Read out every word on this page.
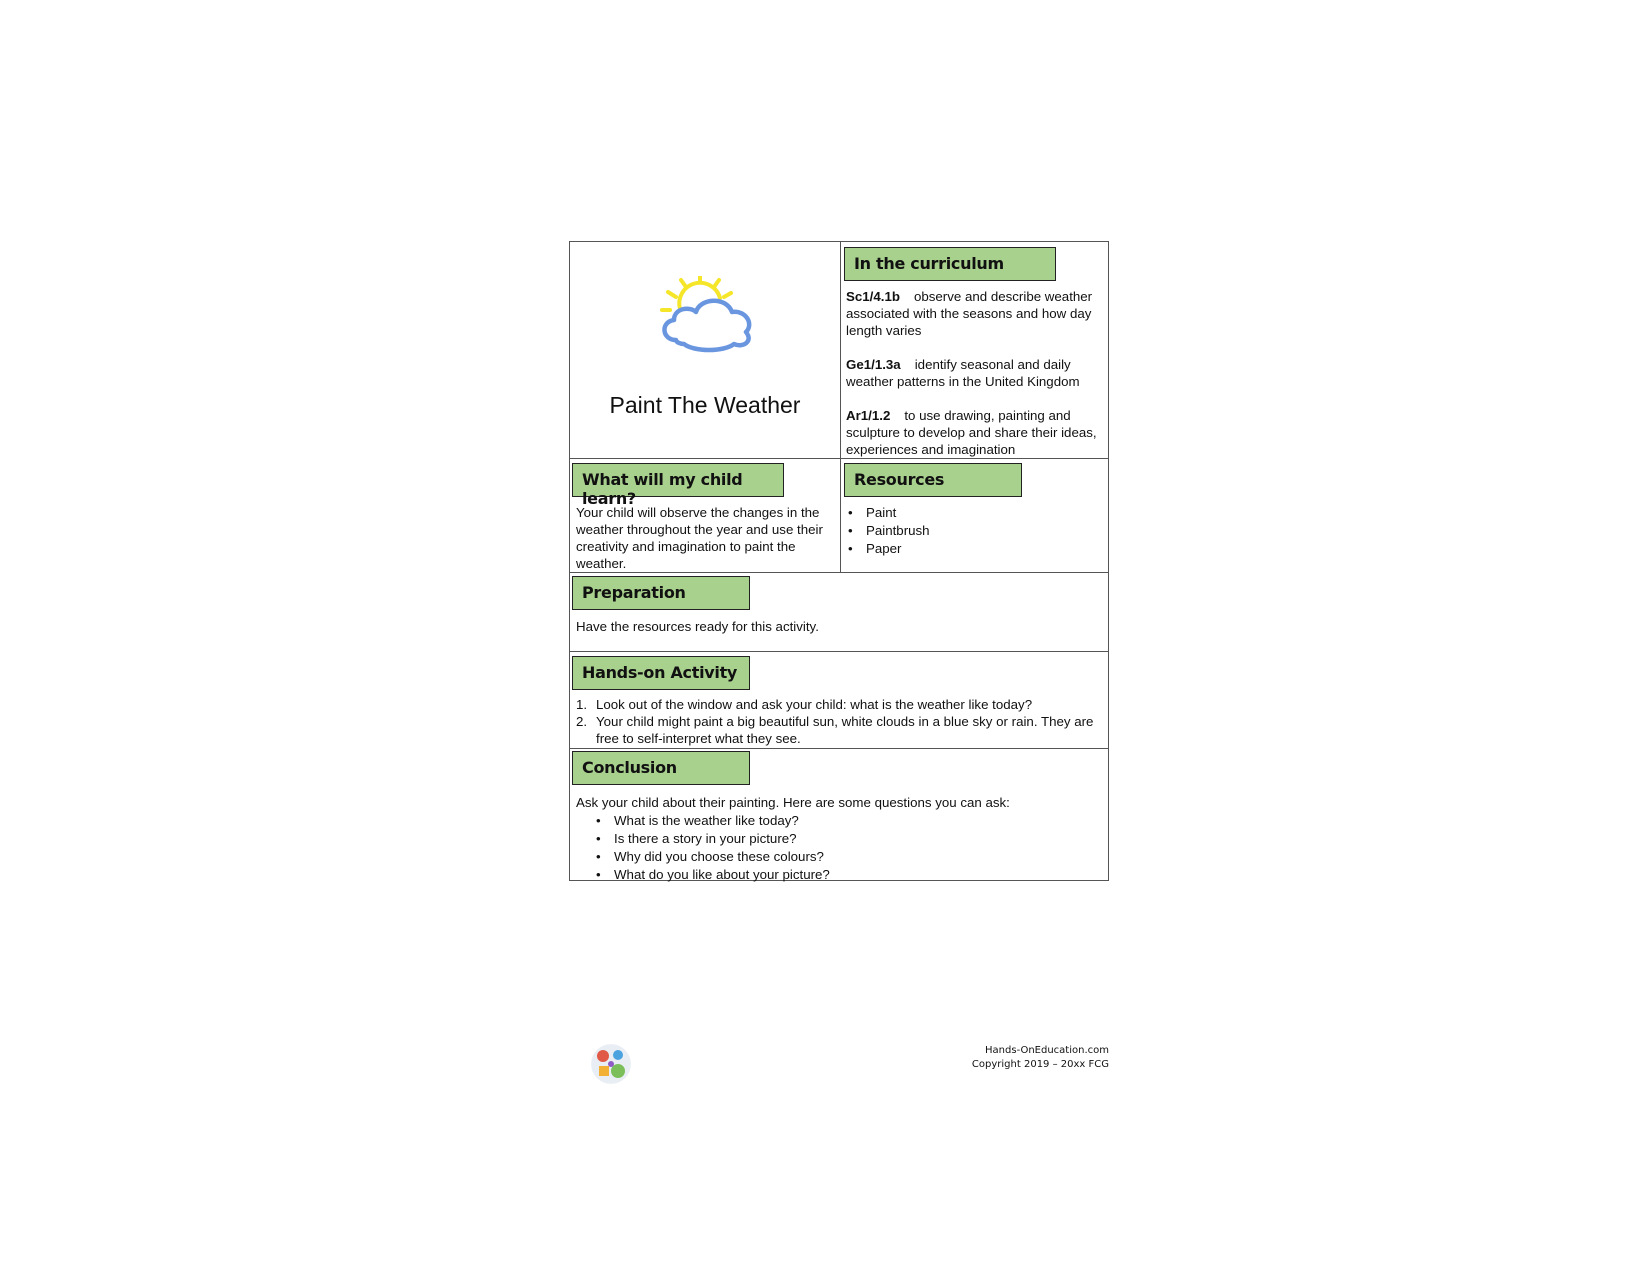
Paint The Weather
In the curriculum
Sc1/4.1b observe and describe weather associated with the seasons and how day length varies
Ge1/1.3a identify seasonal and daily weather patterns in the United Kingdom
Ar1/1.2 to use drawing, painting and sculpture to develop and share their ideas, experiences and imagination
What will my child learn?
Your child will observe the changes in the weather throughout the year and use their creativity and imagination to paint the weather.
Resources
• Paint
• Paintbrush
• Paper
Preparation
Have the resources ready for this activity.
Hands-on Activity
1. Look out of the window and ask your child: what is the weather like today?
2. Your child might paint a big beautiful sun, white clouds in a blue sky or rain. They are free to self-interpret what they see.
Conclusion
Ask your child about their painting. Here are some questions you can ask:
• What is the weather like today?
• Is there a story in your picture?
• Why did you choose these colours?
• What do you like about your picture?
Hands-OnEducation.com
Copyright 2019 – 20xx FCG
